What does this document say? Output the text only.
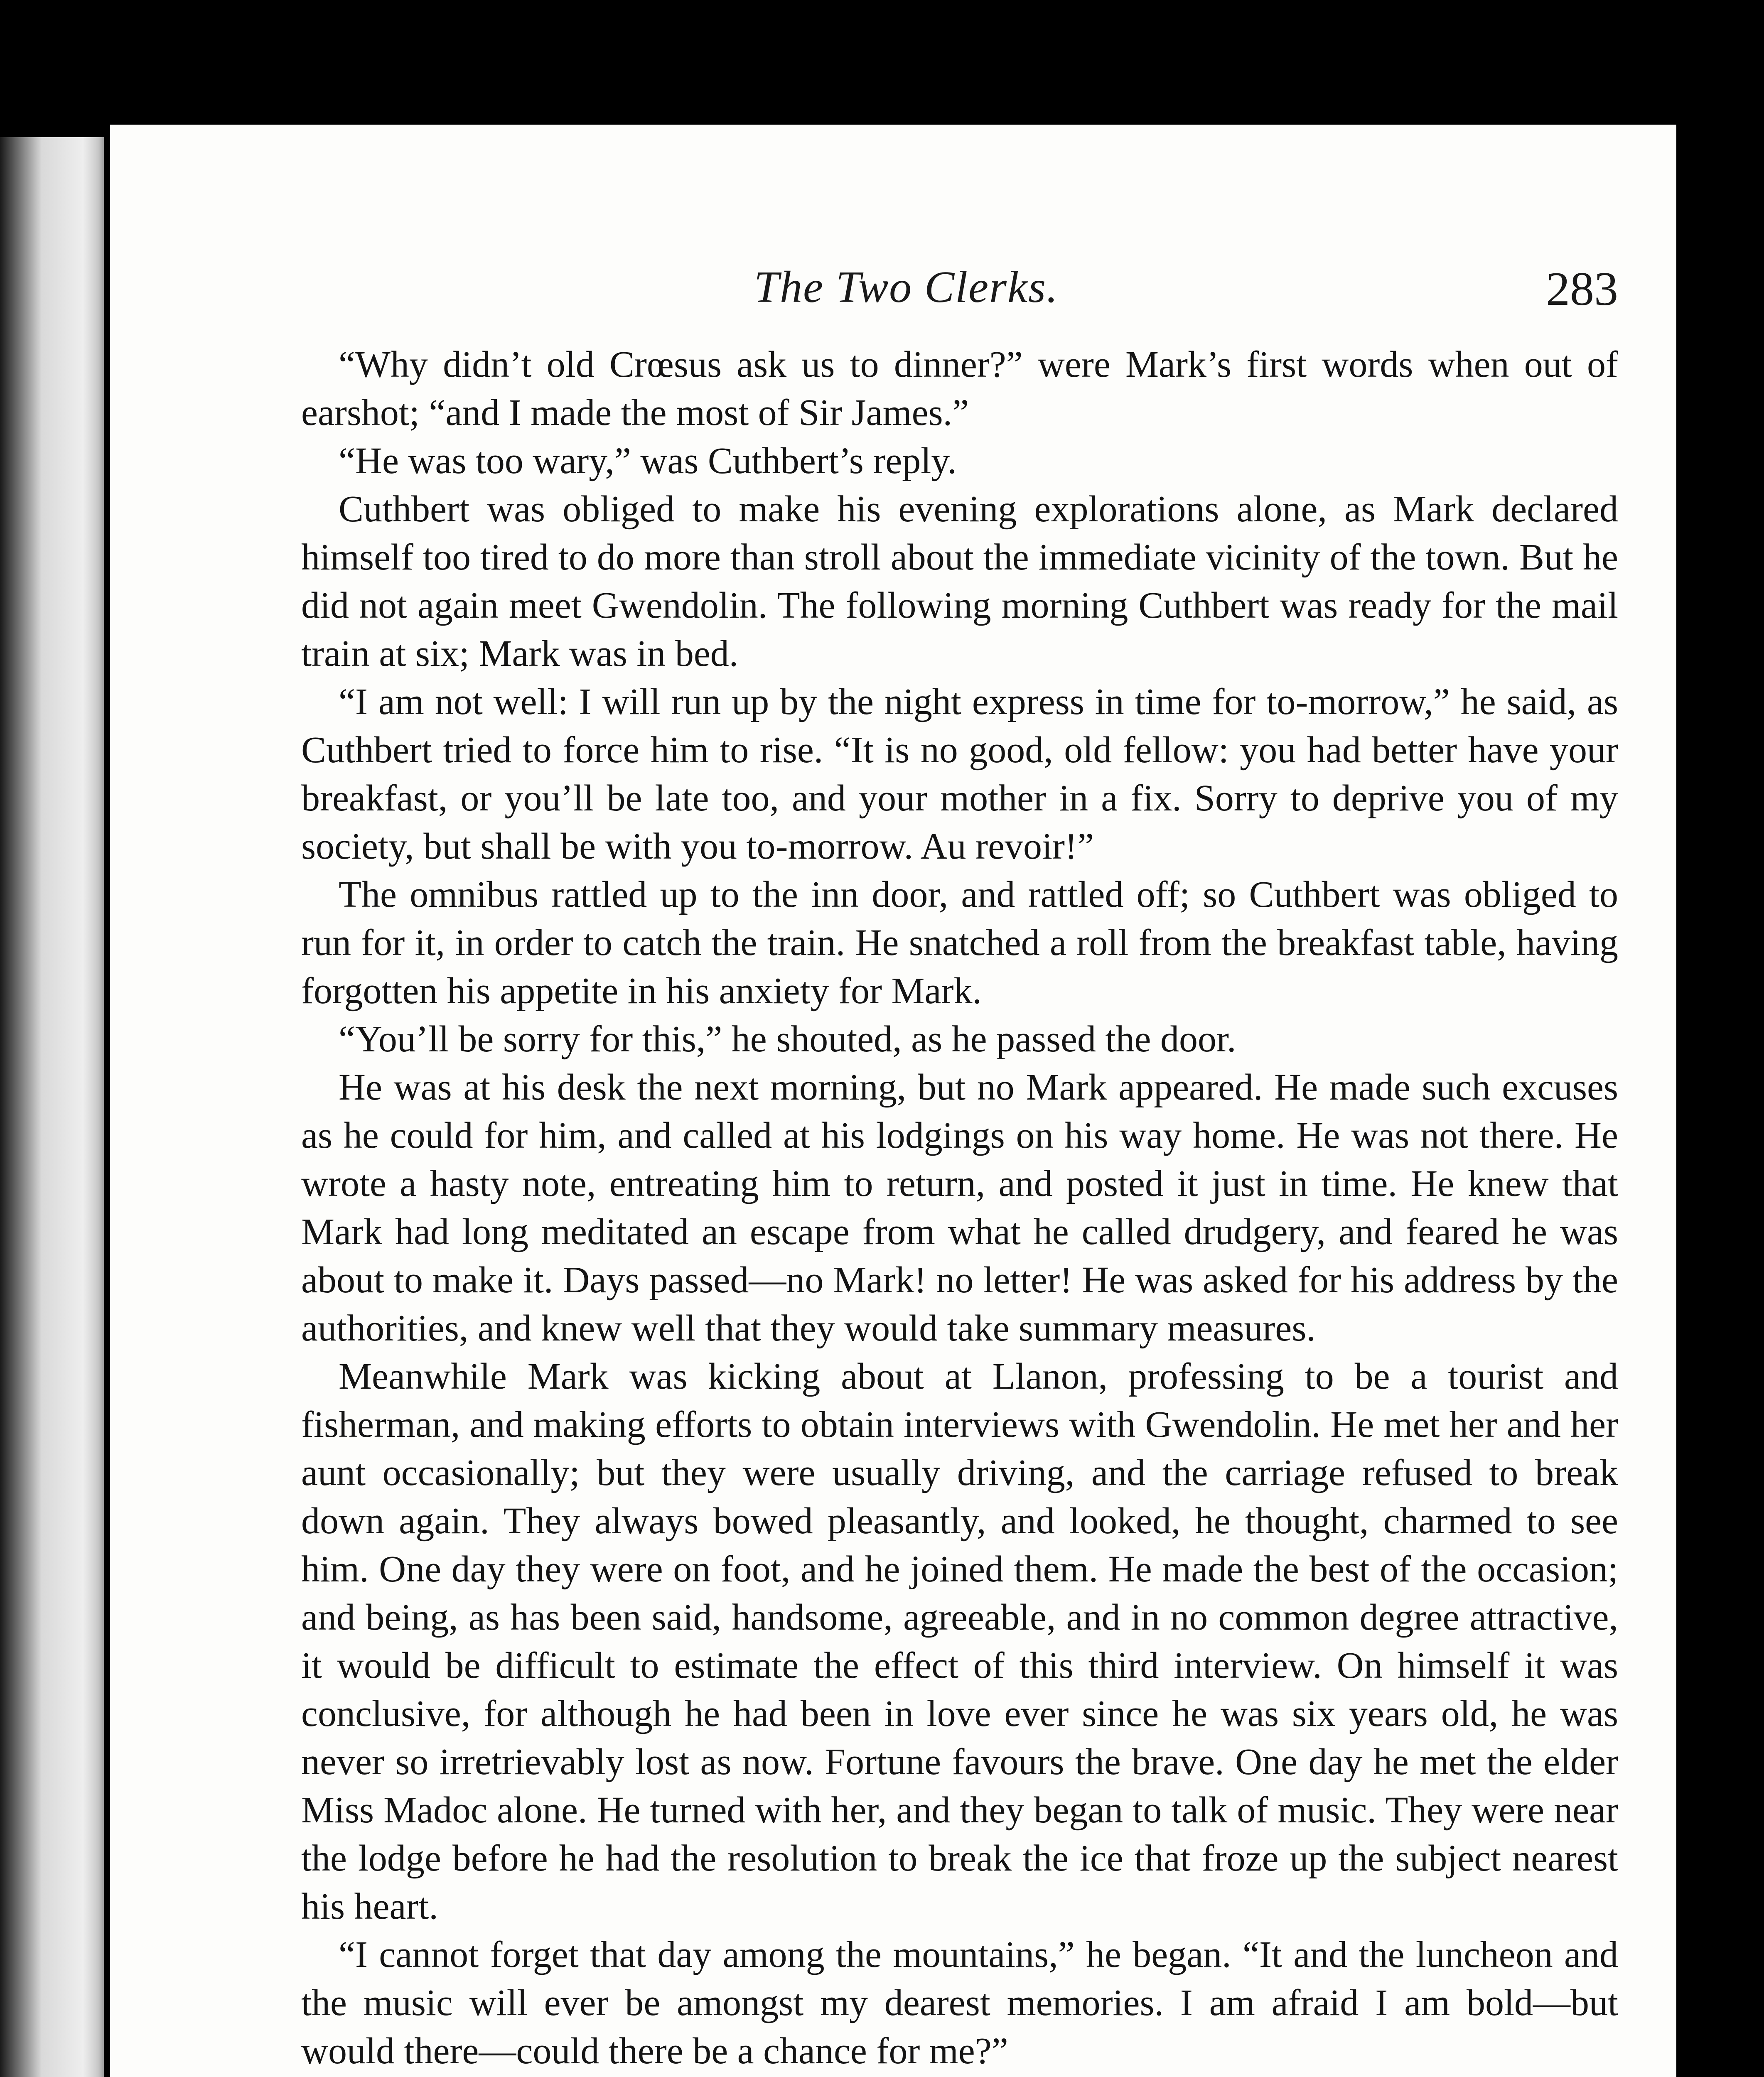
The Two Clerks.	283

“Why didn’t old Crœsus ask us to dinner?” were Mark’s first words when out of earshot; “and I made the most of Sir James.”

“He was too wary,” was Cuthbert’s reply.

Cuthbert was obliged to make his evening explorations alone, as Mark declared himself too tired to do more than stroll about the immediate vicinity of the town. But he did not again meet Gwendolin. The following morning Cuthbert was ready for the mail train at six; Mark was in bed.

“I am not well: I will run up by the night express in time for to-morrow,” he said, as Cuthbert tried to force him to rise. “It is no good, old fellow: you had better have your breakfast, or you’ll be late too, and your mother in a fix. Sorry to deprive you of my society, but shall be with you to-morrow. Au revoir!”

The omnibus rattled up to the inn door, and rattled off; so Cuthbert was obliged to run for it, in order to catch the train. He snatched a roll from the breakfast table, having forgotten his appetite in his anxiety for Mark.

“You’ll be sorry for this,” he shouted, as he passed the door.

He was at his desk the next morning, but no Mark appeared. He made such excuses as he could for him, and called at his lodgings on his way home. He was not there. He wrote a hasty note, entreating him to return, and posted it just in time. He knew that Mark had long meditated an escape from what he called drudgery, and feared he was about to make it. Days passed—no Mark! no letter! He was asked for his address by the authorities, and knew well that they would take summary measures.

Meanwhile Mark was kicking about at Llanon, professing to be a tourist and fisherman, and making efforts to obtain interviews with Gwendolin. He met her and her aunt occasionally; but they were usually driving, and the carriage refused to break down again. They always bowed pleasantly, and looked, he thought, charmed to see him. One day they were on foot, and he joined them. He made the best of the occasion; and being, as has been said, handsome, agreeable, and in no common degree attractive, it would be difficult to estimate the effect of this third interview. On himself it was conclusive, for although he had been in love ever since he was six years old, he was never so irretrievably lost as now. Fortune favours the brave. One day he met the elder Miss Madoc alone. He turned with her, and they began to talk of music. They were near the lodge before he had the resolution to break the ice that froze up the subject nearest his heart.

“I cannot forget that day among the mountains,” he began. “It and the luncheon and the music will ever be amongst my dearest memories. I am afraid I am bold—but would there—could there be a chance for me?”
